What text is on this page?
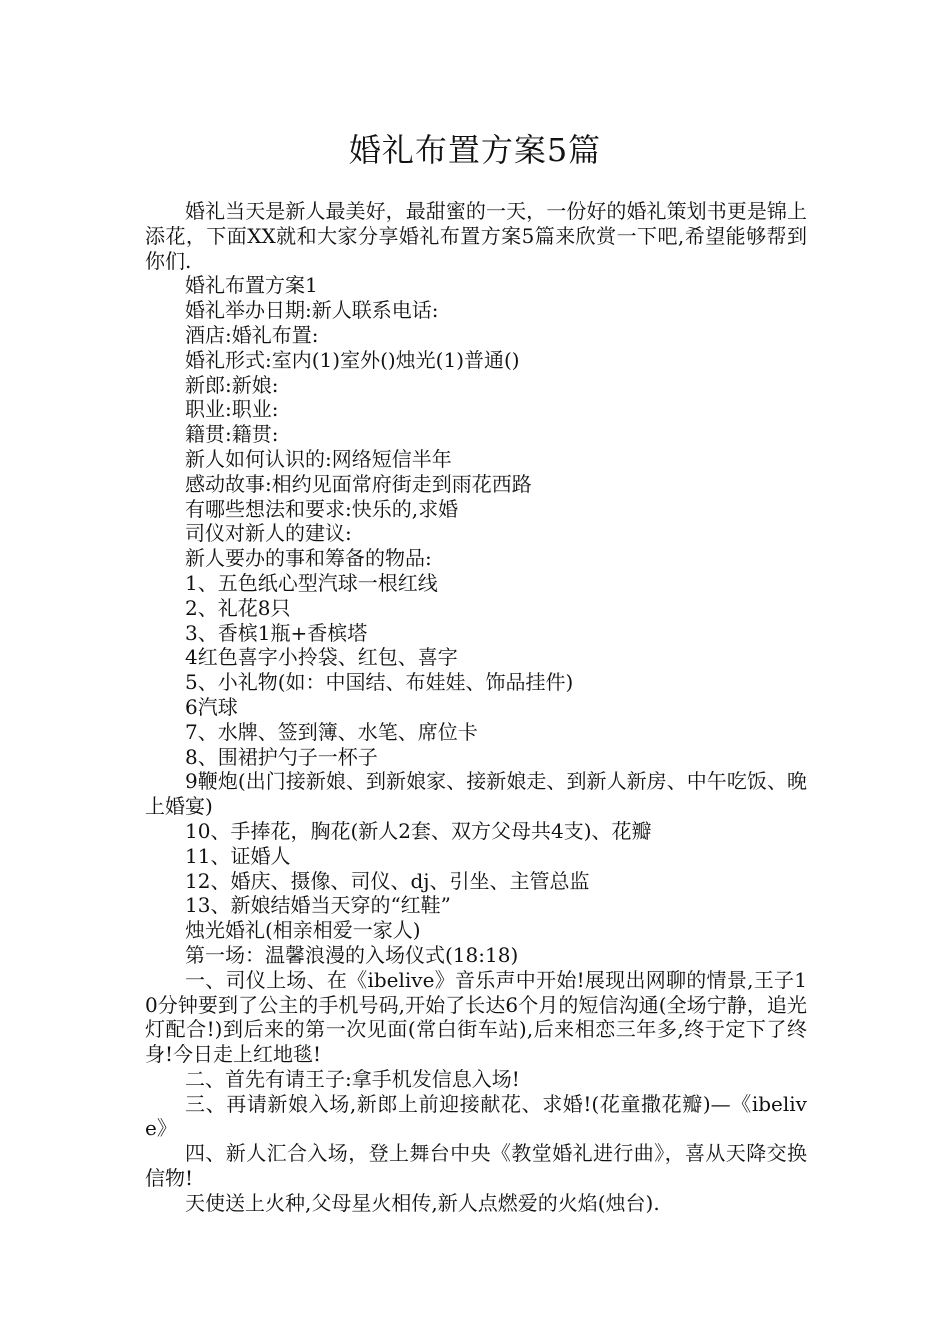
婚礼布置方案5篇

婚礼当天是新人最美好，最甜蜜的一天，一份好的婚礼策划书更是锦上添花，下面XX就和大家分享婚礼布置方案5篇来欣赏一下吧,希望能够帮到你们.

婚礼布置方案1

婚礼举办日期:新人联系电话:

酒店:婚礼布置:

婚礼形式:室内(1)室外()烛光(1)普通()

新郎:新娘:

职业:职业:

籍贯:籍贯:

新人如何认识的:网络短信半年

感动故事:相约见面常府街走到雨花西路

有哪些想法和要求:快乐的,求婚

司仪对新人的建议:

新人要办的事和筹备的物品:

1、五色纸心型汽球一根红线

2、礼花8只

3、香槟1瓶+香槟塔

4红色喜字小拎袋、红包、喜字

5、小礼物(如：中国结、布娃娃、饰品挂件)

6汽球

7、水牌、签到簿、水笔、席位卡

8、围裙护勺子一杯子

9鞭炮(出门接新娘、到新娘家、接新娘走、到新人新房、中午吃饭、晚上婚宴)

10、手捧花，胸花(新人2套、双方父母共4支)、花瓣

11、证婚人

12、婚庆、摄像、司仪、dj、引坐、主管总监

13、新娘结婚当天穿的“红鞋”

烛光婚礼(相亲相爱一家人)

第一场：温馨浪漫的入场仪式(18:18)

一、司仪上场、在《ibelive》音乐声中开始!展现出网聊的情景,王子10分钟要到了公主的手机号码,开始了长达6个月的短信沟通(全场宁静，追光灯配合!)到后来的第一次见面(常白街车站),后来相恋三年多,终于定下了终身!今日走上红地毯!

二、首先有请王子:拿手机发信息入场!

三、再请新娘入场,新郎上前迎接献花、求婚!(花童撒花瓣)—《ibelive》

四、新人汇合入场，登上舞台中央《教堂婚礼进行曲》，喜从天降交换信物!

天使送上火种,父母星火相传,新人点燃爱的火焰(烛台).
